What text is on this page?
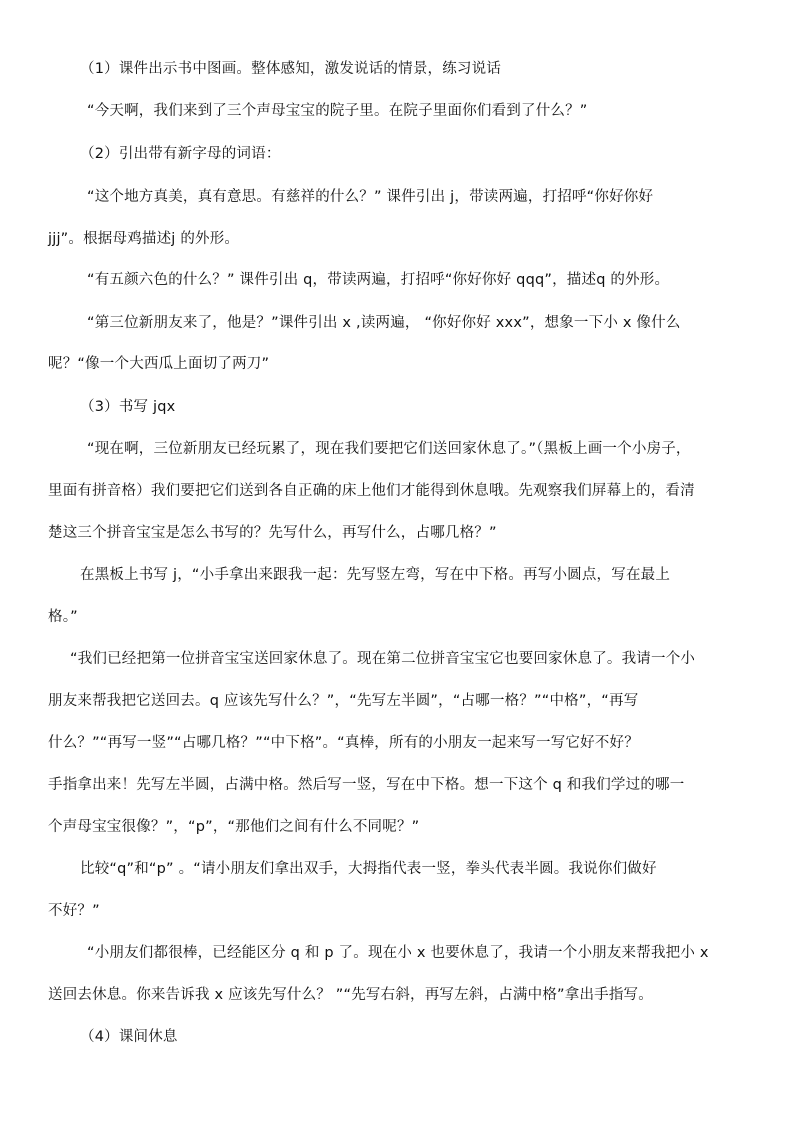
（1）课件出示书中图画。整体感知，激发说话的情景，练习说话
“今天啊，我们来到了三个声母宝宝的院子里。在院子里面你们看到了什么？”
（2）引出带有新字母的词语：
“这个地方真美，真有意思。有慈祥的什么？” 课件引出 j，带读两遍，打招呼“你好你好
jjj”。根据母鸡描述j 的外形。
“有五颜六色的什么？” 课件引出 q，带读两遍，打招呼“你好你好 qqq”，描述q 的外形。
“第三位新朋友来了，他是？”课件引出 x ,读两遍， “你好你好 xxx”，想象一下小 x 像什么
呢？“像一个大西瓜上面切了两刀”
（3）书写 jqx
“现在啊，三位新朋友已经玩累了，现在我们要把它们送回家休息了。”（黑板上画一个小房子，
里面有拼音格）我们要把它们送到各自正确的床上他们才能得到休息哦。先观察我们屏幕上的，看清
楚这三个拼音宝宝是怎么书写的？先写什么，再写什么，占哪几格？”
在黑板上书写 j，“小手拿出来跟我一起：先写竖左弯，写在中下格。再写小圆点，写在最上
格。”
“我们已经把第一位拼音宝宝送回家休息了。现在第二位拼音宝宝它也要回家休息了。我请一个小
朋友来帮我把它送回去。q 应该先写什么？”，“先写左半圆”，“占哪一格？”“中格”，“再写
什么？”“再写一竖”“占哪几格？”“中下格”。“真棒，所有的小朋友一起来写一写它好不好？
手指拿出来！先写左半圆，占满中格。然后写一竖，写在中下格。想一下这个 q 和我们学过的哪一
个声母宝宝很像？”，“p”，“那他们之间有什么不同呢？”
比较“q”和“p” 。“请小朋友们拿出双手，大拇指代表一竖，拳头代表半圆。我说你们做好
不好？”
“小朋友们都很棒，已经能区分 q 和 p 了。现在小 x 也要休息了，我请一个小朋友来帮我把小 x
送回去休息。你来告诉我 x 应该先写什么？ ”“先写右斜，再写左斜，占满中格”拿出手指写。
（4）课间休息
